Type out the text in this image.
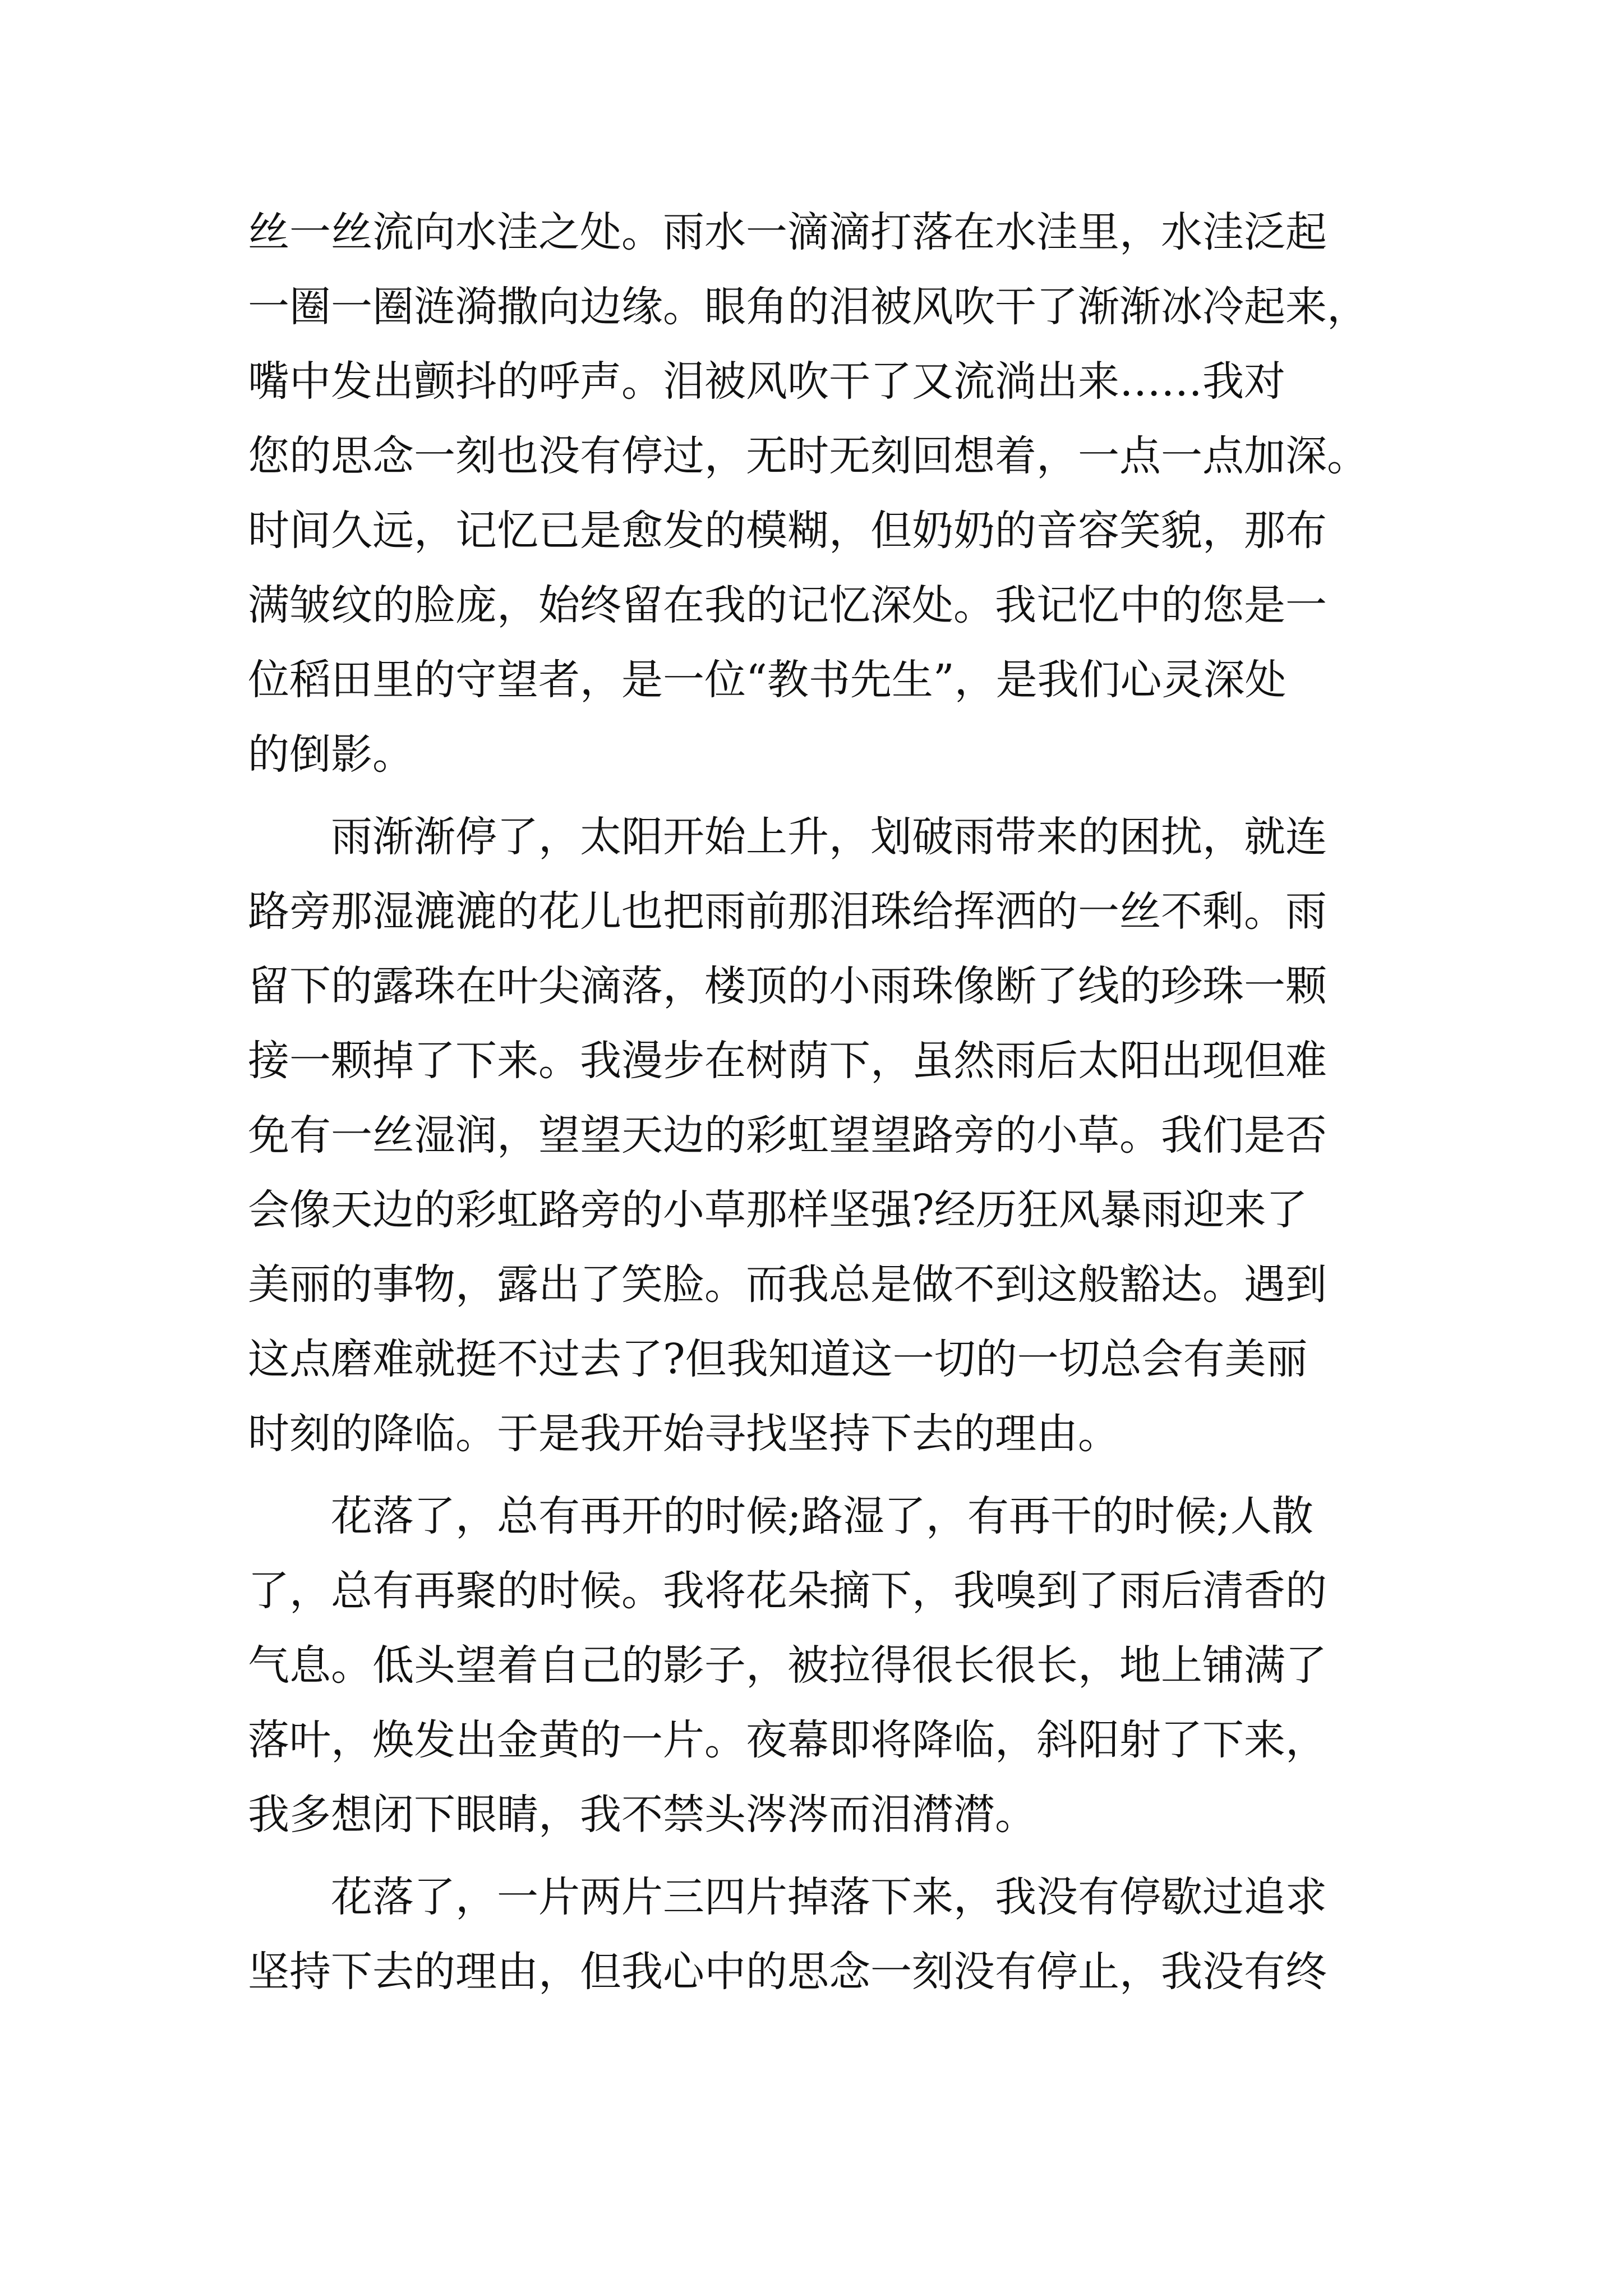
丝一丝流向水洼之处。雨水一滴滴打落在水洼里，水洼泛起
一圈一圈涟漪撒向边缘。眼角的泪被风吹干了渐渐冰冷起来，
嘴中发出颤抖的呼声。泪被风吹干了又流淌出来……我对
您的思念一刻也没有停过，无时无刻回想着，一点一点加深。
时间久远，记忆已是愈发的模糊，但奶奶的音容笑貌，那布
满皱纹的脸庞，始终留在我的记忆深处。我记忆中的您是一
位稻田里的守望者，是一位“教书先生”，是我们心灵深处
的倒影。
雨渐渐停了，太阳开始上升，划破雨带来的困扰，就连
路旁那湿漉漉的花儿也把雨前那泪珠给挥洒的一丝不剩。雨
留下的露珠在叶尖滴落，楼顶的小雨珠像断了线的珍珠一颗
接一颗掉了下来。我漫步在树荫下，虽然雨后太阳出现但难
免有一丝湿润，望望天边的彩虹望望路旁的小草。我们是否
会像天边的彩虹路旁的小草那样坚强?经历狂风暴雨迎来了
美丽的事物，露出了笑脸。而我总是做不到这般豁达。遇到
这点磨难就挺不过去了?但我知道这一切的一切总会有美丽
时刻的降临。于是我开始寻找坚持下去的理由。
花落了，总有再开的时候;路湿了，有再干的时候;人散
了，总有再聚的时候。我将花朵摘下，我嗅到了雨后清香的
气息。低头望着自己的影子，被拉得很长很长，地上铺满了
落叶，焕发出金黄的一片。夜幕即将降临，斜阳射了下来，
我多想闭下眼睛，我不禁头涔涔而泪潸潸。
花落了，一片两片三四片掉落下来，我没有停歇过追求
坚持下去的理由，但我心中的思念一刻没有停止，我没有终
